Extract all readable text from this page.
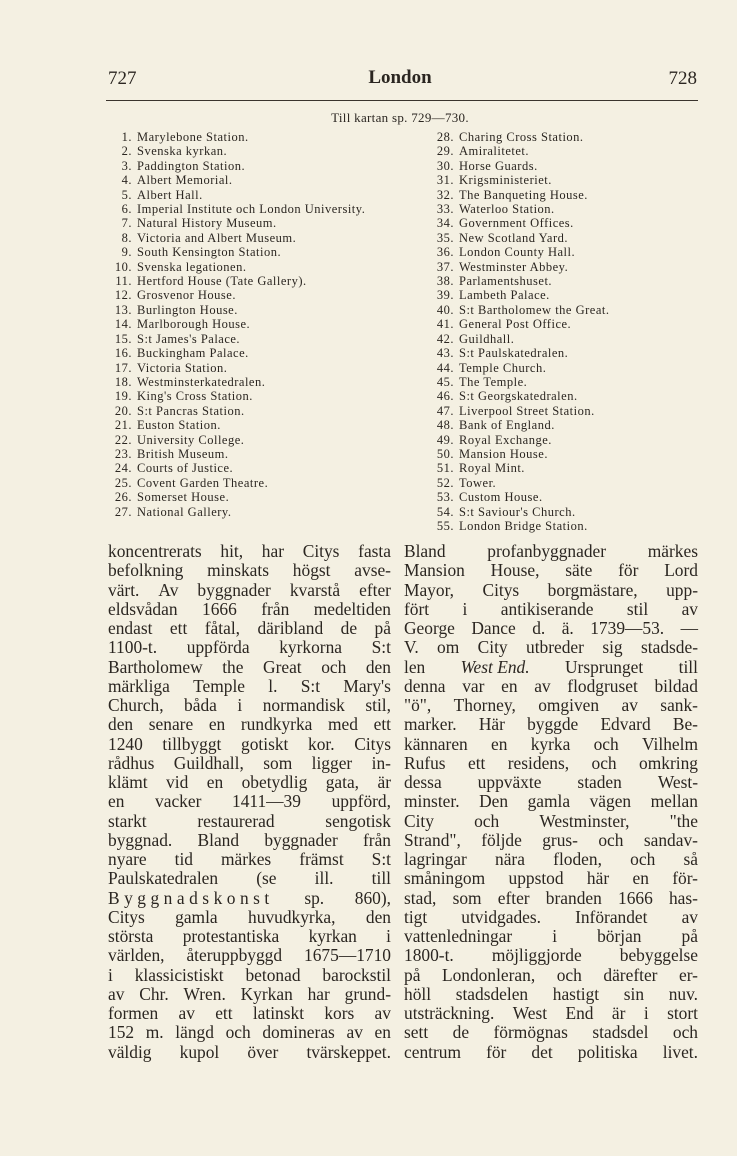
727	London	728
Till kartan sp. 729—730.
1. Marylebone Station.
2. Svenska kyrkan.
3. Paddington Station.
4. Albert Memorial.
5. Albert Hall.
6. Imperial Institute och London University.
7. Natural History Museum.
8. Victoria and Albert Museum.
9. South Kensington Station.
10. Svenska legationen.
11. Hertford House (Tate Gallery).
12. Grosvenor House.
13. Burlington House.
14. Marlborough House.
15. S:t James's Palace.
16. Buckingham Palace.
17. Victoria Station.
18. Westminsterkatedralen.
19. King's Cross Station.
20. S:t Pancras Station.
21. Euston Station.
22. University College.
23. British Museum.
24. Courts of Justice.
25. Covent Garden Theatre.
26. Somerset House.
27. National Gallery.
28. Charing Cross Station.
29. Amiralitetet.
30. Horse Guards.
31. Krigsministeriet.
32. The Banqueting House.
33. Waterloo Station.
34. Government Offices.
35. New Scotland Yard.
36. London County Hall.
37. Westminster Abbey.
38. Parlamentshuset.
39. Lambeth Palace.
40. S:t Bartholomew the Great.
41. General Post Office.
42. Guildhall.
43. S:t Paulskatedralen.
44. Temple Church.
45. The Temple.
46. S:t Georgskatedralen.
47. Liverpool Street Station.
48. Bank of England.
49. Royal Exchange.
50. Mansion House.
51. Royal Mint.
52. Tower.
53. Custom House.
54. S:t Saviour's Church.
55. London Bridge Station.
koncentrerats hit, har Citys fasta
befolkning minskats högst avse-
värt. Av byggnader kvarstå efter
eldsvådan 1666 från medeltiden
endast ett fåtal, däribland de på
1100-t. uppförda kyrkorna S:t
Bartholomew the Great och den
märkliga Temple l. S:t Mary's
Church, båda i normandisk stil,
den senare en rundkyrka med ett
1240 tillbyggt gotiskt kor. Citys
rådhus Guildhall, som ligger in-
klämt vid en obetydlig gata, är
en vacker 1411—39 uppförd,
starkt	restaurerad	sengotisk
byggnad. Bland byggnader från
nyare tid märkes främst S:t
Paulskatedralen (se ill. till
Byggnadskonst sp. 860),
Citys gamla huvudkyrka, den
största protestantiska kyrkan i
världen, återuppbyggd 1675—1710
i klassicistiskt betonad barockstil
av Chr. Wren. Kyrkan har grund-
formen av ett latinskt kors av
152 m. längd och domineras av en
väldig kupol över tvärskeppet.
Bland profanbyggnader märkes
Mansion House, säte för Lord
Mayor, Citys borgmästare, upp-
fört i antikiserande stil av
George Dance d. ä. 1739—53. —
V. om City utbreder sig stadsde-
len West End. Ursprunget till
denna var en av flodgruset bildad
"ö", Thorney, omgiven av sank-
marker. Här byggde Edvard Be-
kännaren en kyrka och Vilhelm
Rufus ett residens, och omkring
dessa uppväxte staden West-
minster. Den gamla vägen mellan
City och Westminster, "the
Strand", följde grus- och sandav-
lagringar nära floden, och så
småningom uppstod här en för-
stad, som efter branden 1666 has-
tigt utvidgades. Införandet av
vattenledningar i början på
1800-t. möjliggjorde bebyggelse
på Londonleran, och därefter er-
höll stadsdelen hastigt sin nuv.
utsträckning. West End är i stort
sett de förmögnas stadsdel och
centrum för det politiska livet.
